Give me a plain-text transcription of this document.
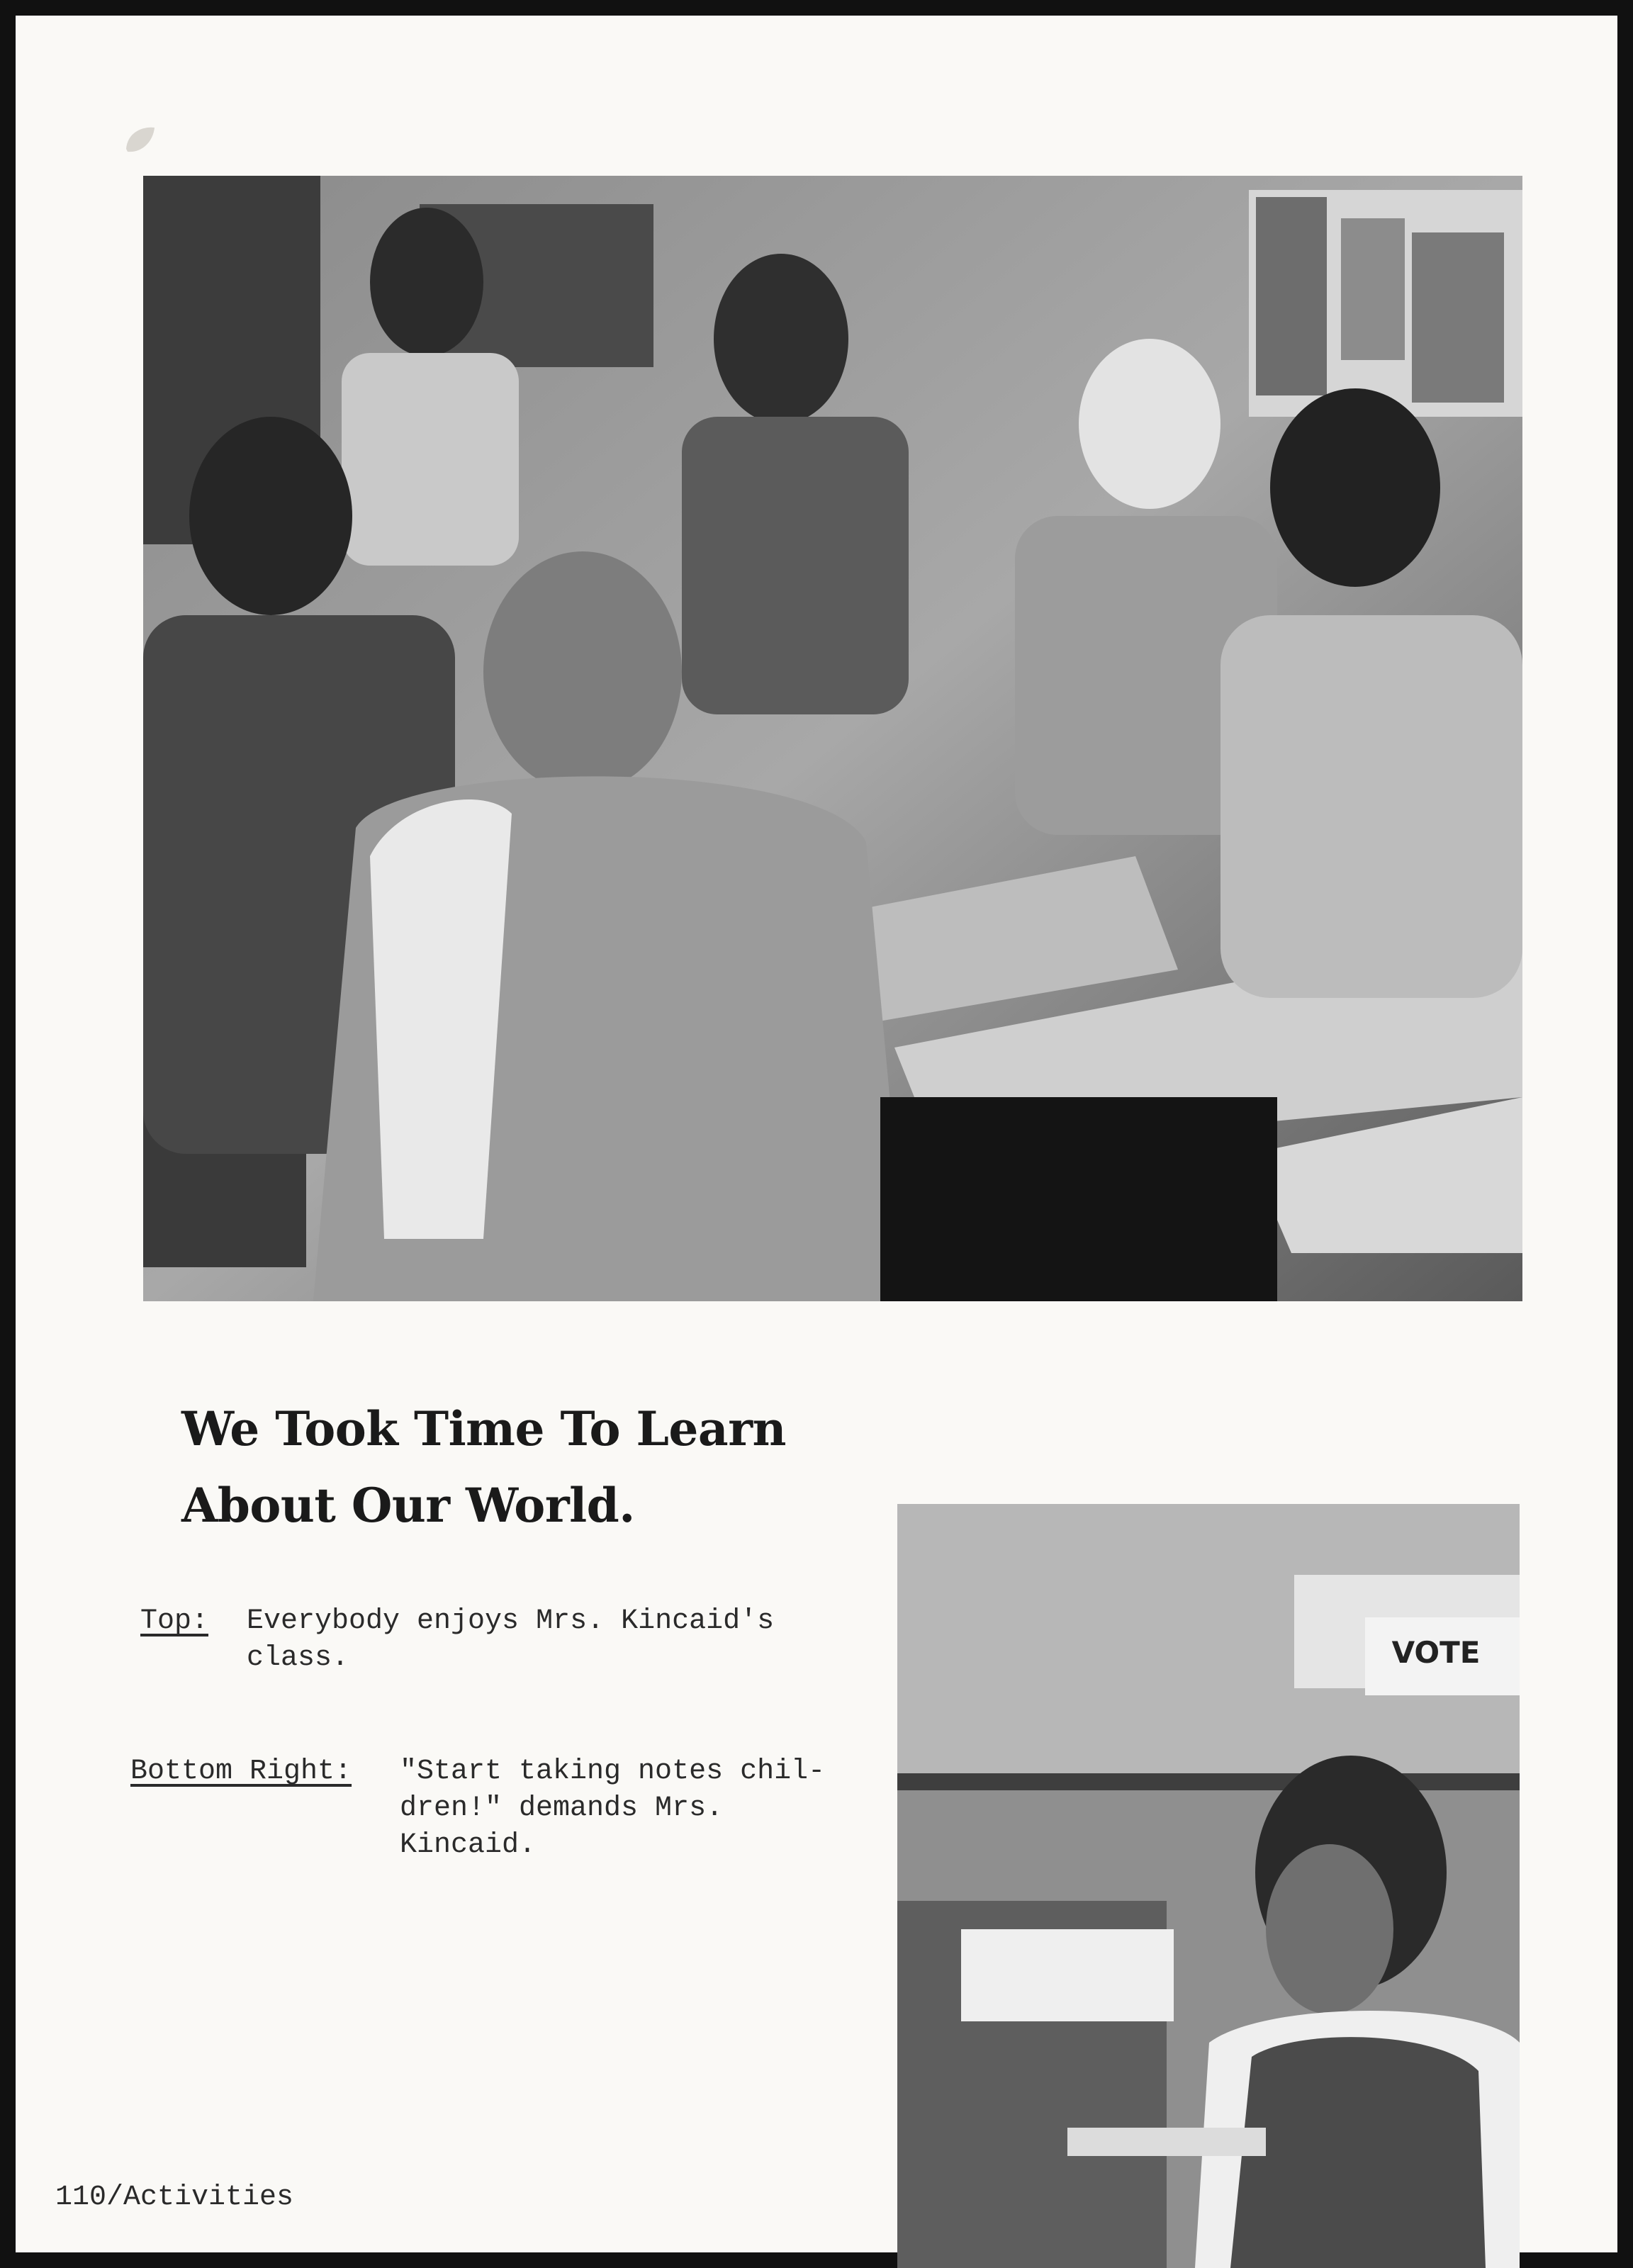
We Took Time To Learn
About Our World.
Top: Everybody enjoys Mrs. Kincaid's
class.
Bottom Right: "Start taking notes chil-
dren!" demands Mrs.
Kincaid.
VOTE
110/Activities
